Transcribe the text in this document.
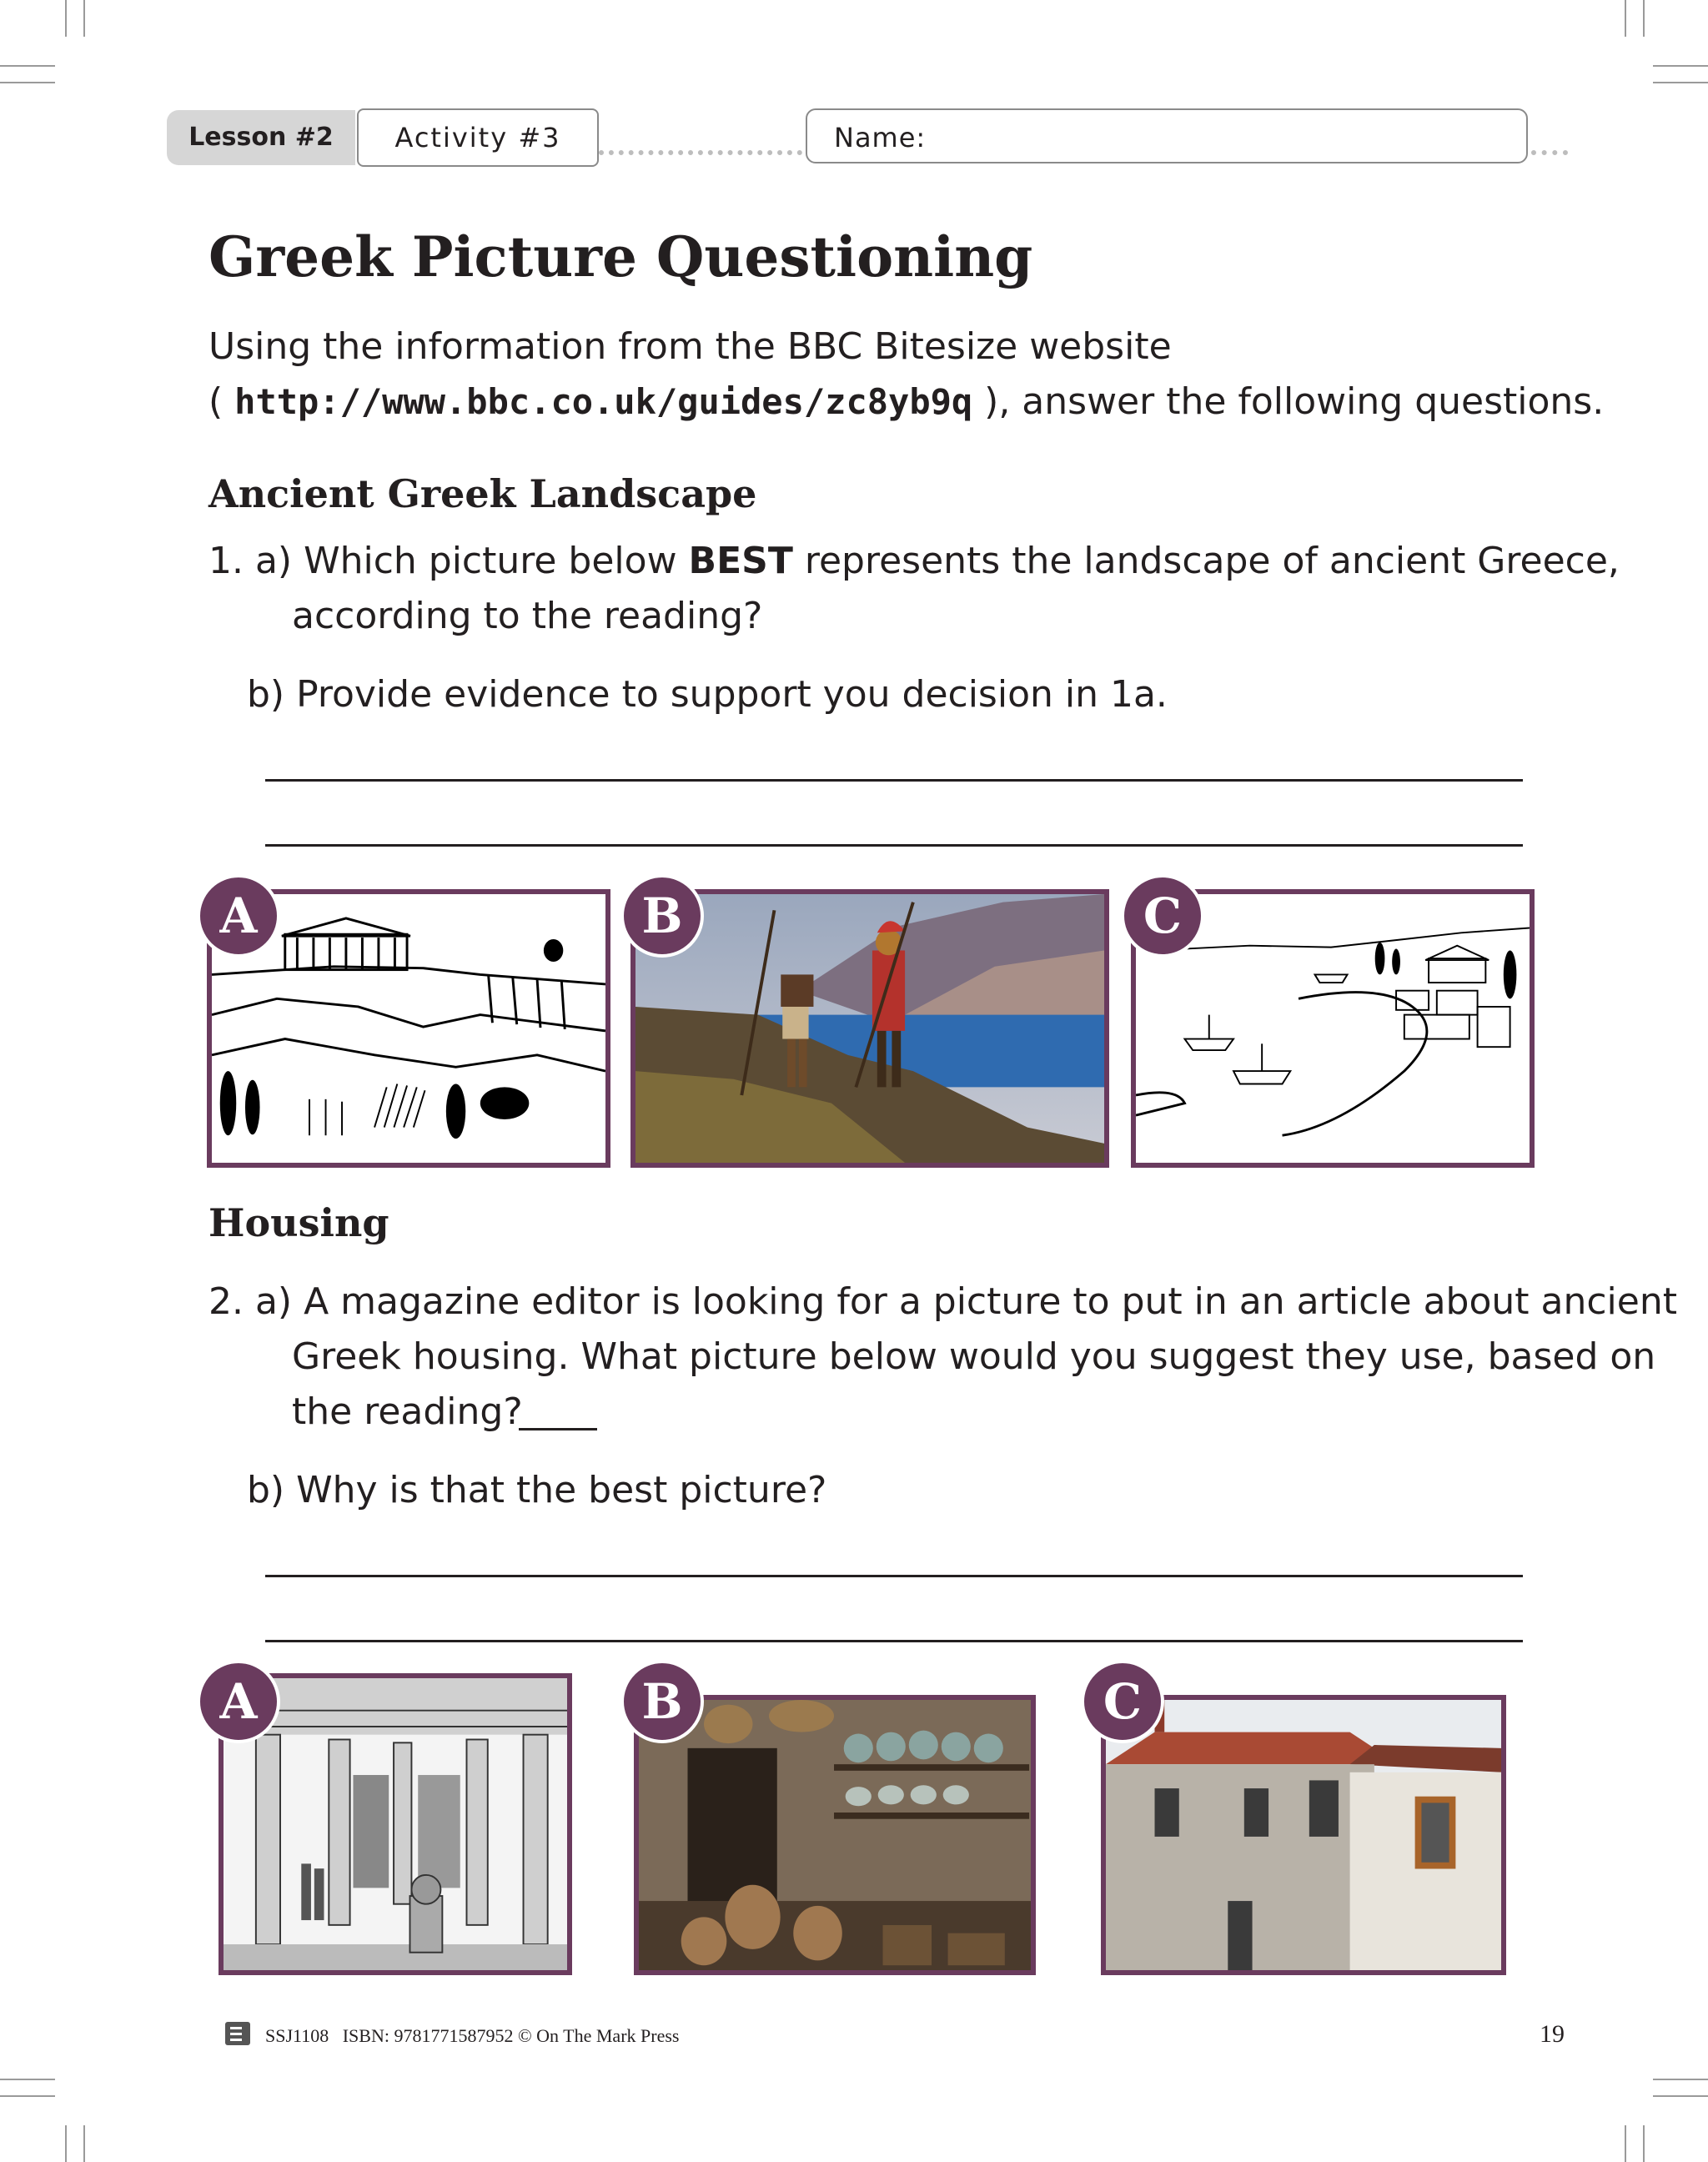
Lesson #2	Activity #3	Name:
Greek Picture Questioning
Using the information from the BBC Bitesize website
( http://www.bbc.co.uk/guides/zc8yb9q ), answer the following questions.
Ancient Greek Landscape
1. a) Which picture below BEST represents the landscape of ancient Greece,
according to the reading?
b) Provide evidence to support you decision in 1a.
A	B	C
Housing
2. a) A magazine editor is looking for a picture to put in an article about ancient
Greek housing. What picture below would you suggest they use, based on
the reading?
b) Why is that the best picture?
A	B	C
SSJ1108 ISBN: 9781771587952 © On The Mark Press	19
